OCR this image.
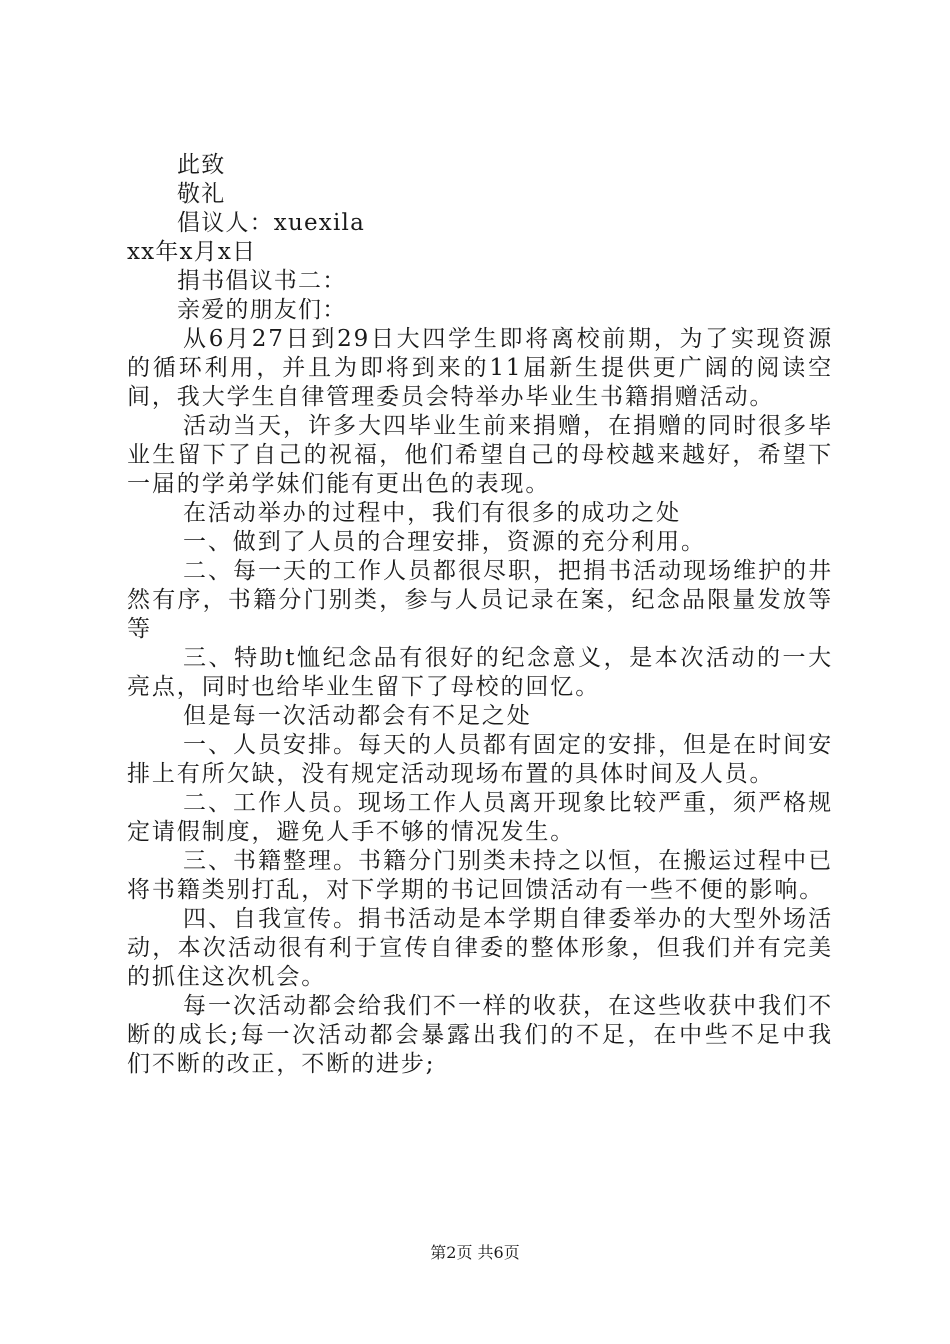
此致

敬礼

倡议人：xuexila

xx年x月x日

捐书倡议书二：

亲爱的朋友们：

从6月27日到29日大四学生即将离校前期，为了实现资源的循环利用，并且为即将到来的11届新生提供更广阔的阅读空间，我大学生自律管理委员会特举办毕业生书籍捐赠活动。

活动当天，许多大四毕业生前来捐赠，在捐赠的同时很多毕业生留下了自己的祝福，他们希望自己的母校越来越好，希望下一届的学弟学妹们能有更出色的表现。

在活动举办的过程中，我们有很多的成功之处

一、做到了人员的合理安排，资源的充分利用。

二、每一天的工作人员都很尽职，把捐书活动现场维护的井然有序，书籍分门别类，参与人员记录在案，纪念品限量发放等等

三、特助t恤纪念品有很好的纪念意义，是本次活动的一大亮点，同时也给毕业生留下了母校的回忆。

但是每一次活动都会有不足之处

一、人员安排。每天的人员都有固定的安排，但是在时间安排上有所欠缺，没有规定活动现场布置的具体时间及人员。

二、工作人员。现场工作人员离开现象比较严重，须严格规定请假制度，避免人手不够的情况发生。

三、书籍整理。书籍分门别类未持之以恒，在搬运过程中已将书籍类别打乱，对下学期的书记回馈活动有一些不便的影响。

四、自我宣传。捐书活动是本学期自律委举办的大型外场活动，本次活动很有利于宣传自律委的整体形象，但我们并有完美的抓住这次机会。

每一次活动都会给我们不一样的收获，在这些收获中我们不断的成长;每一次活动都会暴露出我们的不足，在中些不足中我们不断的改正，不断的进步;

第2页 共6页
